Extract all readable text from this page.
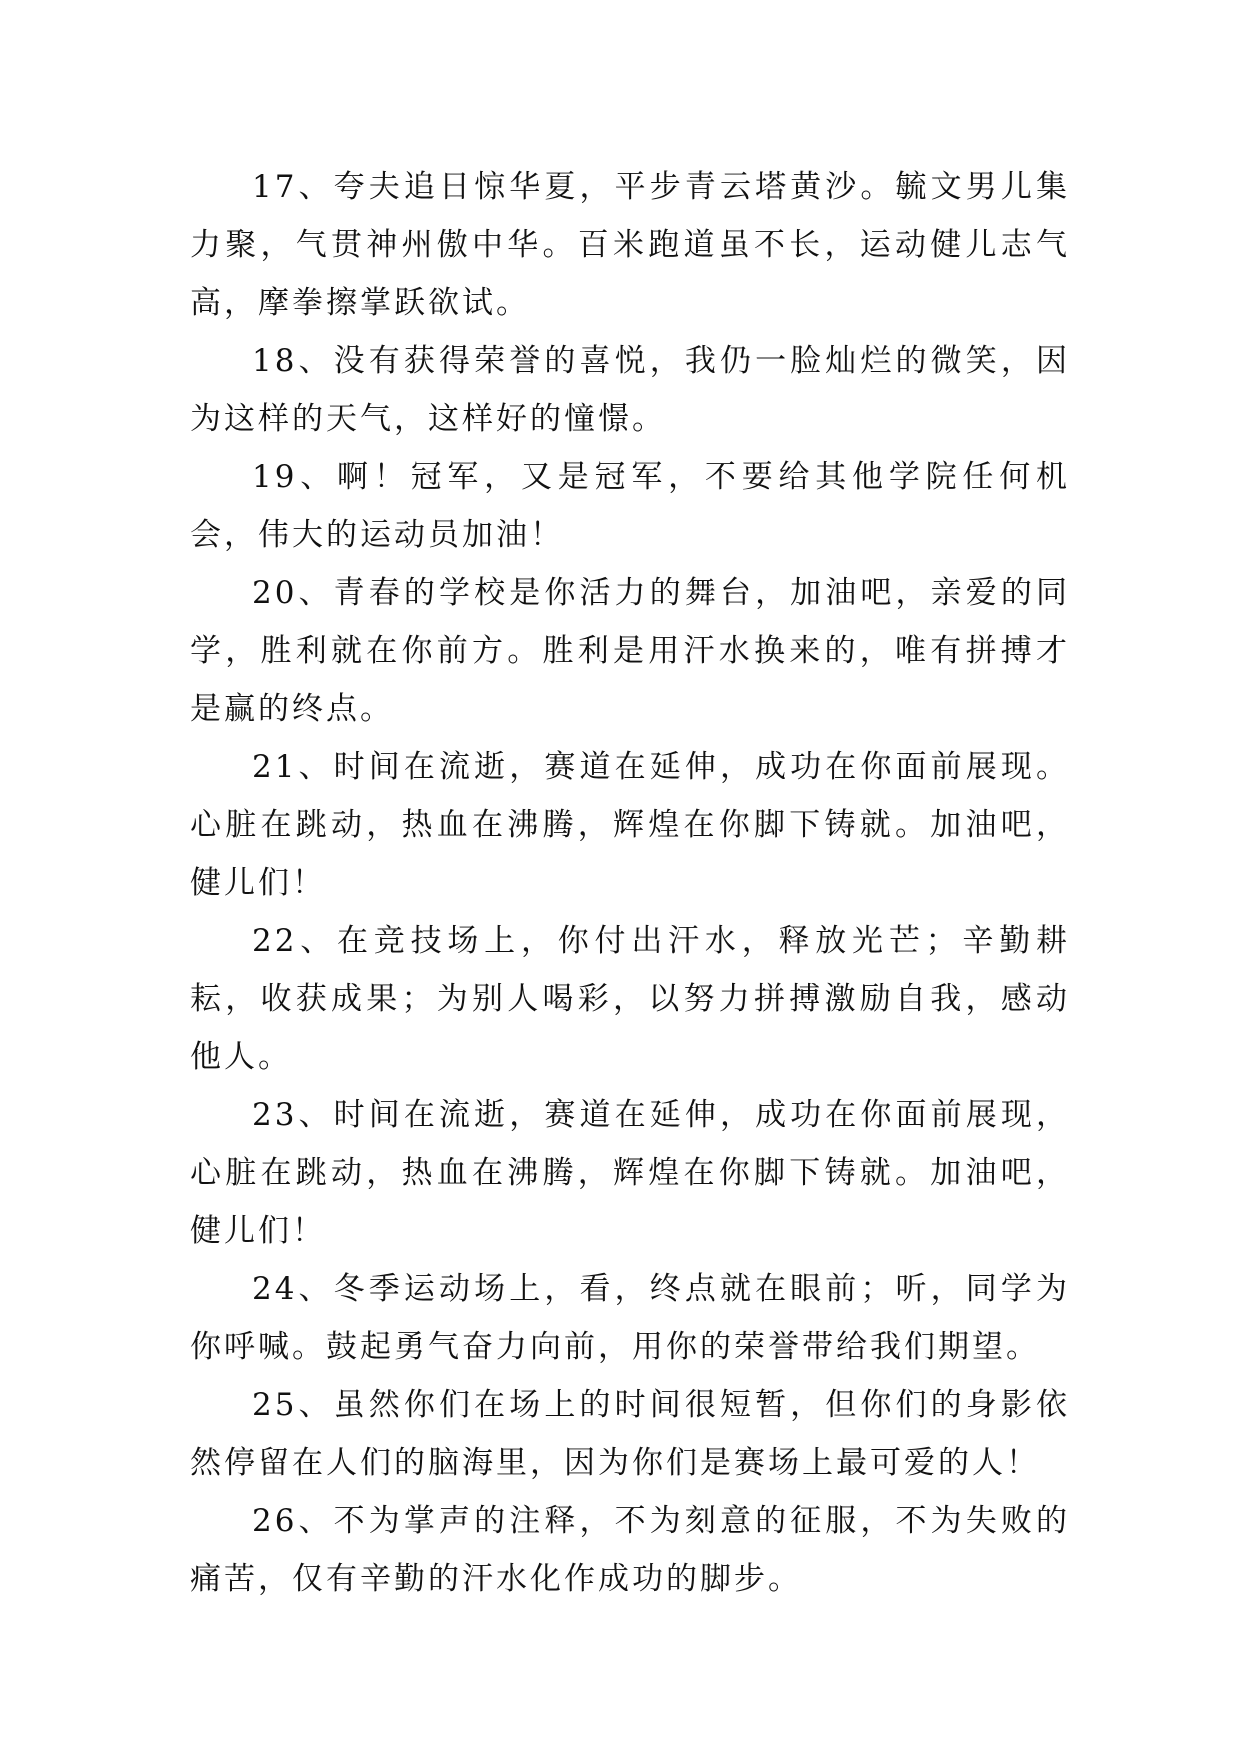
17、夸夫追日惊华夏，平步青云塔黄沙。毓文男儿集力聚，气贯神州傲中华。百米跑道虽不长，运动健儿志气高，摩拳擦掌跃欲试。

18、没有获得荣誉的喜悦，我仍一脸灿烂的微笑，因为这样的天气，这样好的憧憬。

19、啊！冠军，又是冠军，不要给其他学院任何机会，伟大的运动员加油！

20、青春的学校是你活力的舞台，加油吧，亲爱的同学，胜利就在你前方。胜利是用汗水换来的，唯有拼搏才是赢的终点。

21、时间在流逝，赛道在延伸，成功在你面前展现。心脏在跳动，热血在沸腾，辉煌在你脚下铸就。加油吧，健儿们！

22、在竞技场上，你付出汗水，释放光芒；辛勤耕耘，收获成果；为别人喝彩，以努力拼搏激励自我，感动他人。

23、时间在流逝，赛道在延伸，成功在你面前展现，心脏在跳动，热血在沸腾，辉煌在你脚下铸就。加油吧，健儿们！

24、冬季运动场上，看，终点就在眼前；听，同学为你呼喊。鼓起勇气奋力向前，用你的荣誉带给我们期望。

25、虽然你们在场上的时间很短暂，但你们的身影依然停留在人们的脑海里，因为你们是赛场上最可爱的人！

26、不为掌声的注释，不为刻意的征服，不为失败的痛苦，仅有辛勤的汗水化作成功的脚步。
